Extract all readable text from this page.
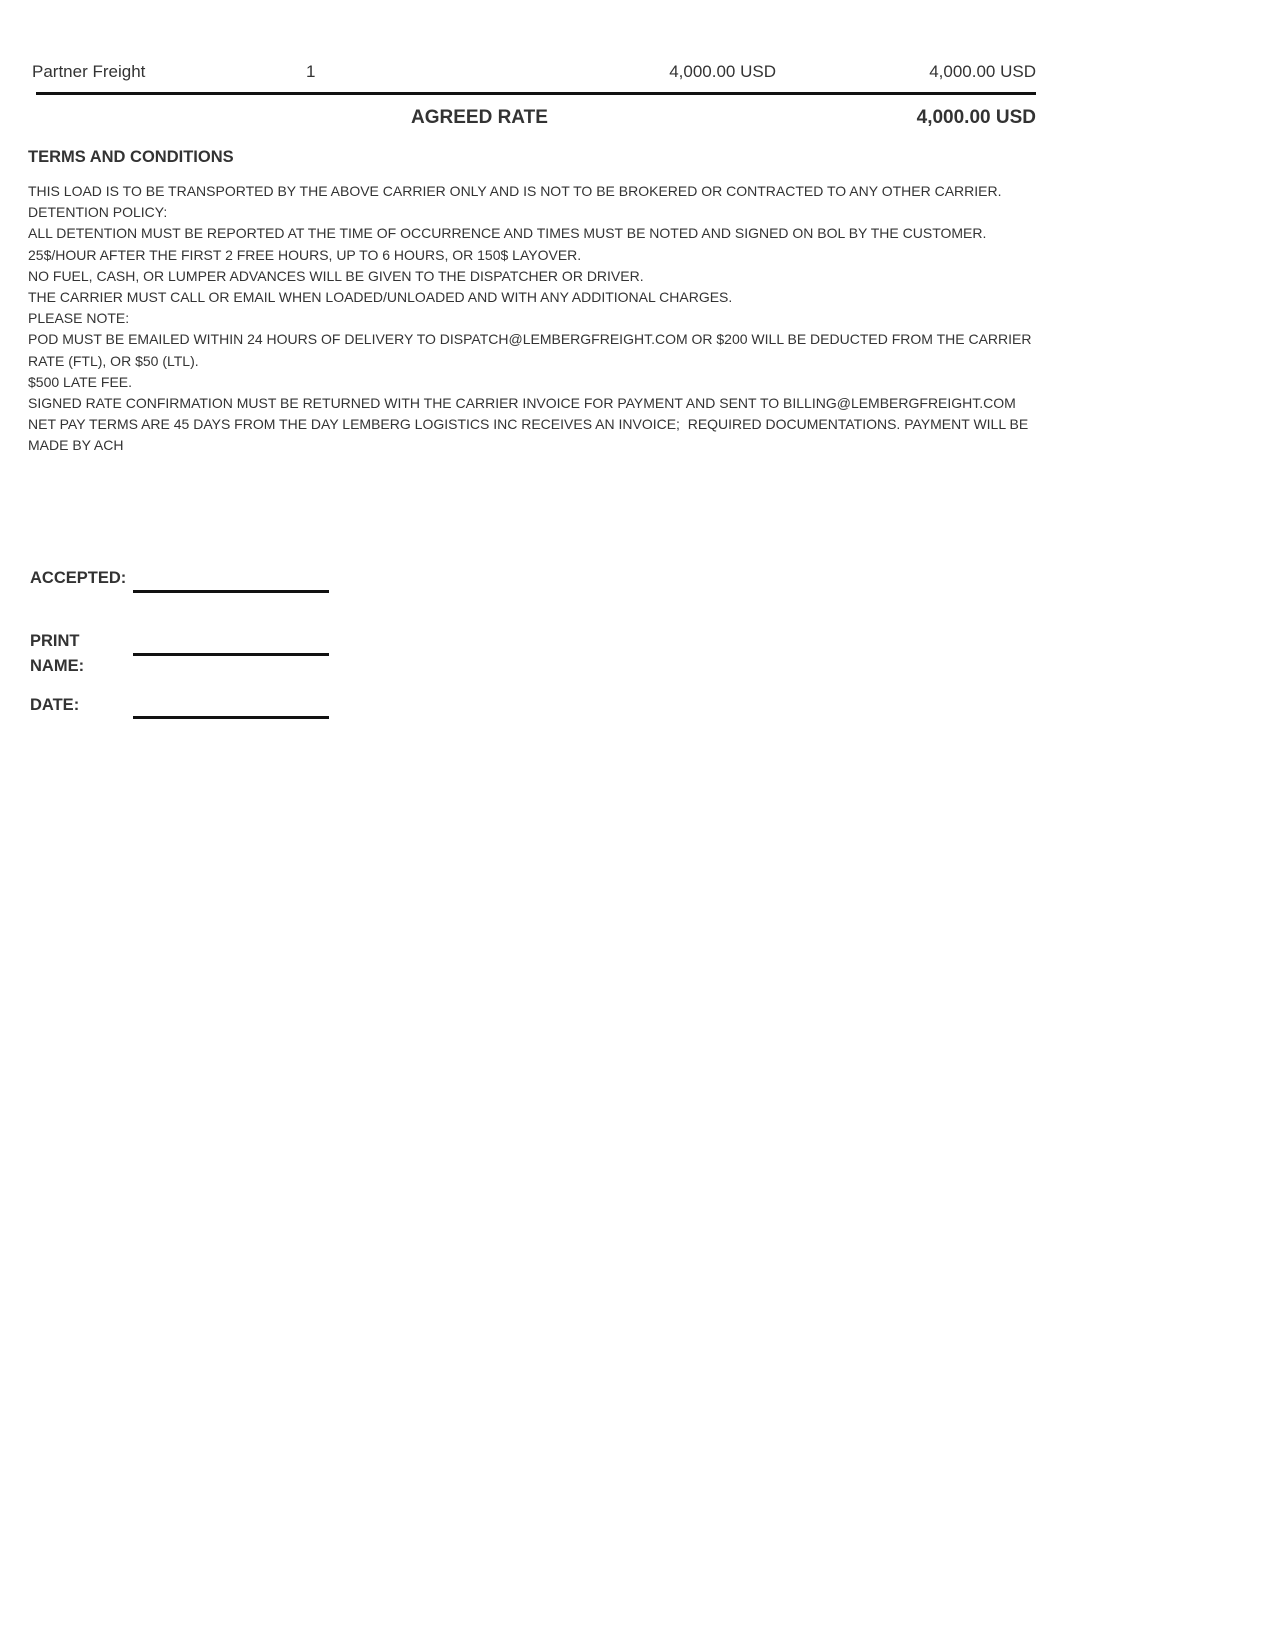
Partner Freight	1	4,000.00 USD	4,000.00 USD
AGREED RATE	4,000.00 USD
TERMS AND CONDITIONS
THIS LOAD IS TO BE TRANSPORTED BY THE ABOVE CARRIER ONLY AND IS NOT TO BE BROKERED OR CONTRACTED TO ANY OTHER CARRIER.
DETENTION POLICY:
ALL DETENTION MUST BE REPORTED AT THE TIME OF OCCURRENCE AND TIMES MUST BE NOTED AND SIGNED ON BOL BY THE CUSTOMER.
25$/HOUR AFTER THE FIRST 2 FREE HOURS, UP TO 6 HOURS, OR 150$ LAYOVER.
NO FUEL, CASH, OR LUMPER ADVANCES WILL BE GIVEN TO THE DISPATCHER OR DRIVER.
THE CARRIER MUST CALL OR EMAIL WHEN LOADED/UNLOADED AND WITH ANY ADDITIONAL CHARGES.
PLEASE NOTE:
POD MUST BE EMAILED WITHIN 24 HOURS OF DELIVERY TO DISPATCH@LEMBERGFREIGHT.COM OR $200 WILL BE DEDUCTED FROM THE CARRIER RATE (FTL), OR $50 (LTL).
$500 LATE FEE.
SIGNED RATE CONFIRMATION MUST BE RETURNED WITH THE CARRIER INVOICE FOR PAYMENT AND SENT TO BILLING@LEMBERGFREIGHT.COM
NET PAY TERMS ARE 45 DAYS FROM THE DAY LEMBERG LOGISTICS INC RECEIVES AN INVOICE;  REQUIRED DOCUMENTATIONS. PAYMENT WILL BE MADE BY ACH
ACCEPTED:
PRINT NAME:
DATE:
